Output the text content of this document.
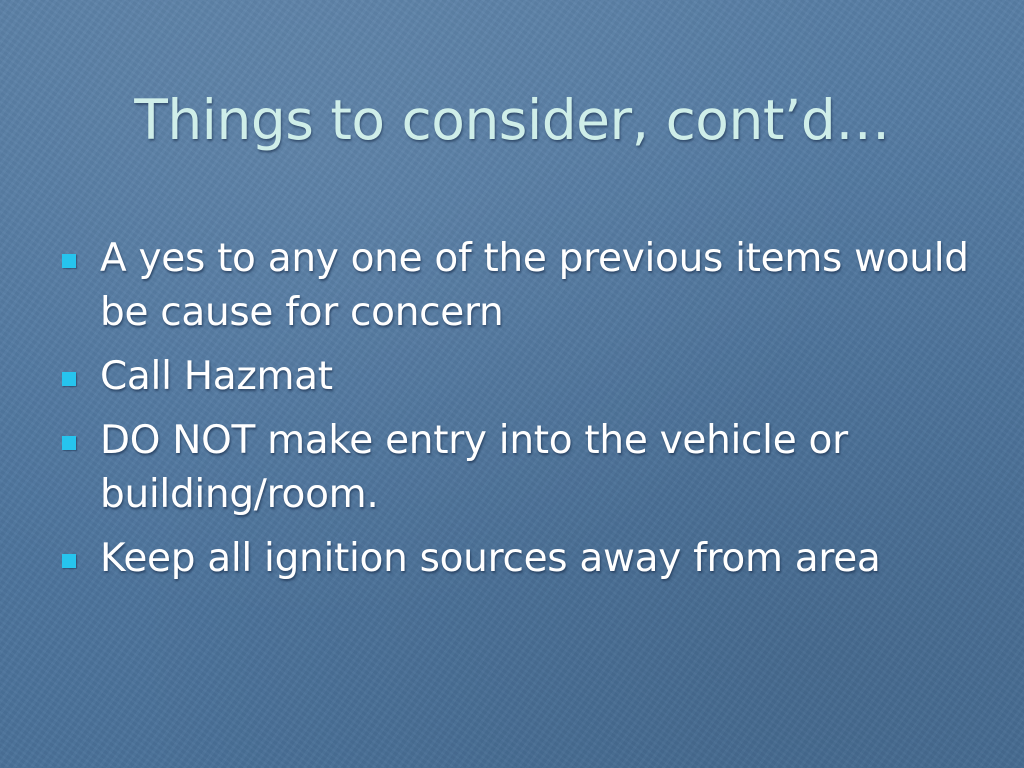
Things to consider, cont’d…
A yes to any one of the previous items would be cause for concern
Call Hazmat
DO NOT make entry into the vehicle or building/room.
Keep all ignition sources away from area
